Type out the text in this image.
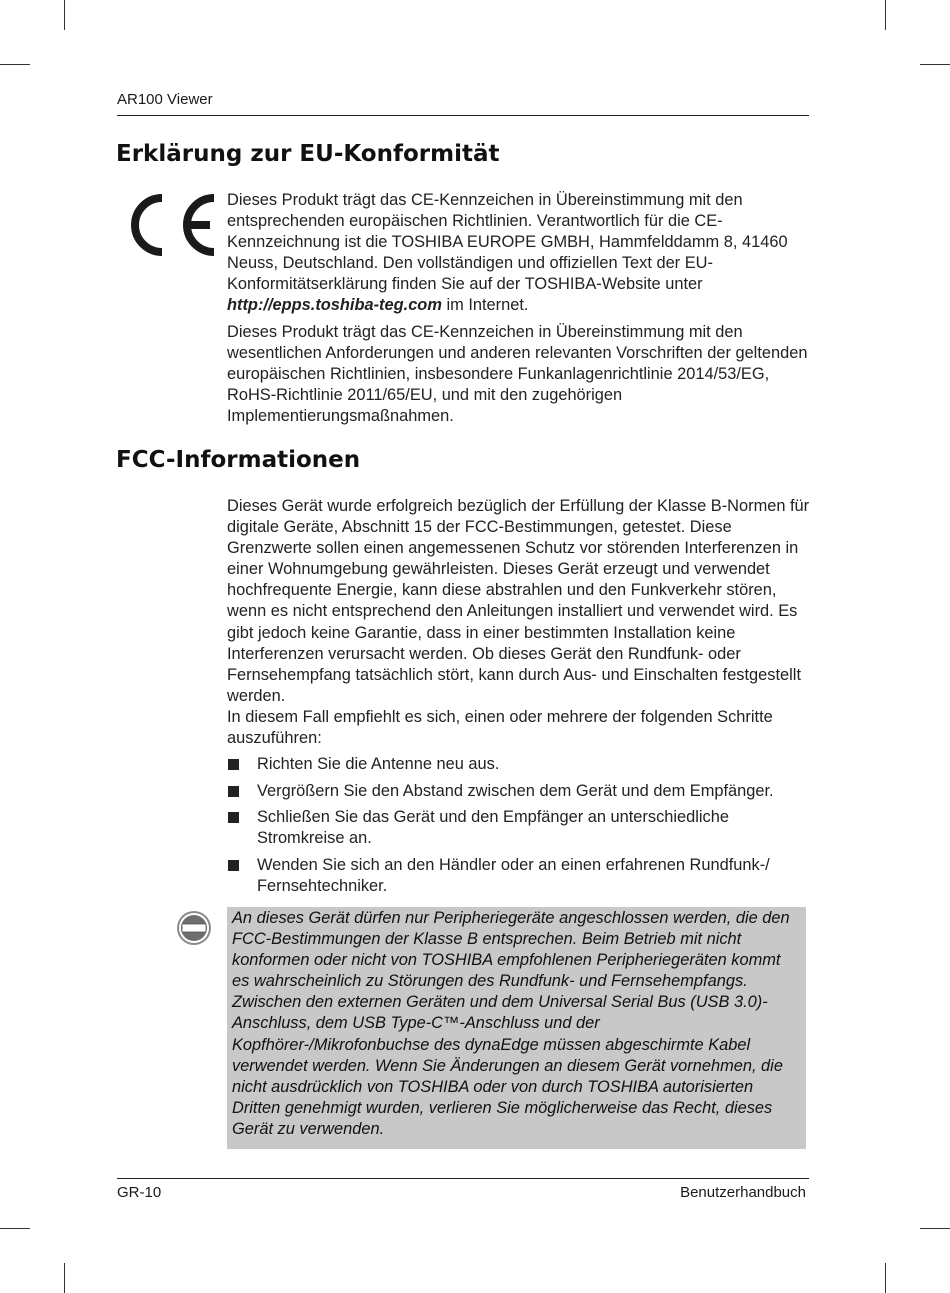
AR100 Viewer
Erklärung zur EU-Konformität

Dieses Produkt trägt das CE-Kennzeichen in Übereinstimmung mit den entsprechenden europäischen Richtlinien. Verantwortlich für die CE-Kennzeichnung ist die TOSHIBA EUROPE GMBH, Hammfelddamm 8, 41460 Neuss, Deutschland. Den vollständigen und offiziellen Text der EU-Konformitätserklärung finden Sie auf der TOSHIBA-Website unter http://epps.toshiba-teg.com im Internet.

Dieses Produkt trägt das CE-Kennzeichen in Übereinstimmung mit den wesentlichen Anforderungen und anderen relevanten Vorschriften der geltenden europäischen Richtlinien, insbesondere Funkanlagenrichtlinie 2014/53/EG, RoHS-Richtlinie 2011/65/EU, und mit den zugehörigen Implementierungsmaßnahmen.

FCC-Informationen

Dieses Gerät wurde erfolgreich bezüglich der Erfüllung der Klasse B-Normen für digitale Geräte, Abschnitt 15 der FCC-Bestimmungen, getestet. Diese Grenzwerte sollen einen angemessenen Schutz vor störenden Interferenzen in einer Wohnumgebung gewährleisten. Dieses Gerät erzeugt und verwendet hochfrequente Energie, kann diese abstrahlen und den Funkverkehr stören, wenn es nicht entsprechend den Anleitungen installiert und verwendet wird. Es gibt jedoch keine Garantie, dass in einer bestimmten Installation keine Interferenzen verursacht werden. Ob dieses Gerät den Rundfunk- oder Fernsehempfang tatsächlich stört, kann durch Aus- und Einschalten festgestellt werden.
In diesem Fall empfiehlt es sich, einen oder mehrere der folgenden Schritte auszuführen:

Richten Sie die Antenne neu aus.
Vergrößern Sie den Abstand zwischen dem Gerät und dem Empfänger.
Schließen Sie das Gerät und den Empfänger an unterschiedliche Stromkreise an.
Wenden Sie sich an den Händler oder an einen erfahrenen Rundfunk-/ Fernsehtechniker.
An dieses Gerät dürfen nur Peripheriegeräte angeschlossen werden, die den FCC-Bestimmungen der Klasse B entsprechen. Beim Betrieb mit nicht konformen oder nicht von TOSHIBA empfohlenen Peripheriegeräten kommt es wahrscheinlich zu Störungen des Rundfunk- und Fernsehempfangs. Zwischen den externen Geräten und dem Universal Serial Bus (USB 3.0)-Anschluss, dem USB Type-C™-Anschluss und der Kopfhörer-/Mikrofonbuchse des dynaEdge müssen abgeschirmte Kabel verwendet werden. Wenn Sie Änderungen an diesem Gerät vornehmen, die nicht ausdrücklich von TOSHIBA oder von durch TOSHIBA autorisierten Dritten genehmigt wurden, verlieren Sie möglicherweise das Recht, dieses Gerät zu verwenden.
GR-10	Benutzerhandbuch
